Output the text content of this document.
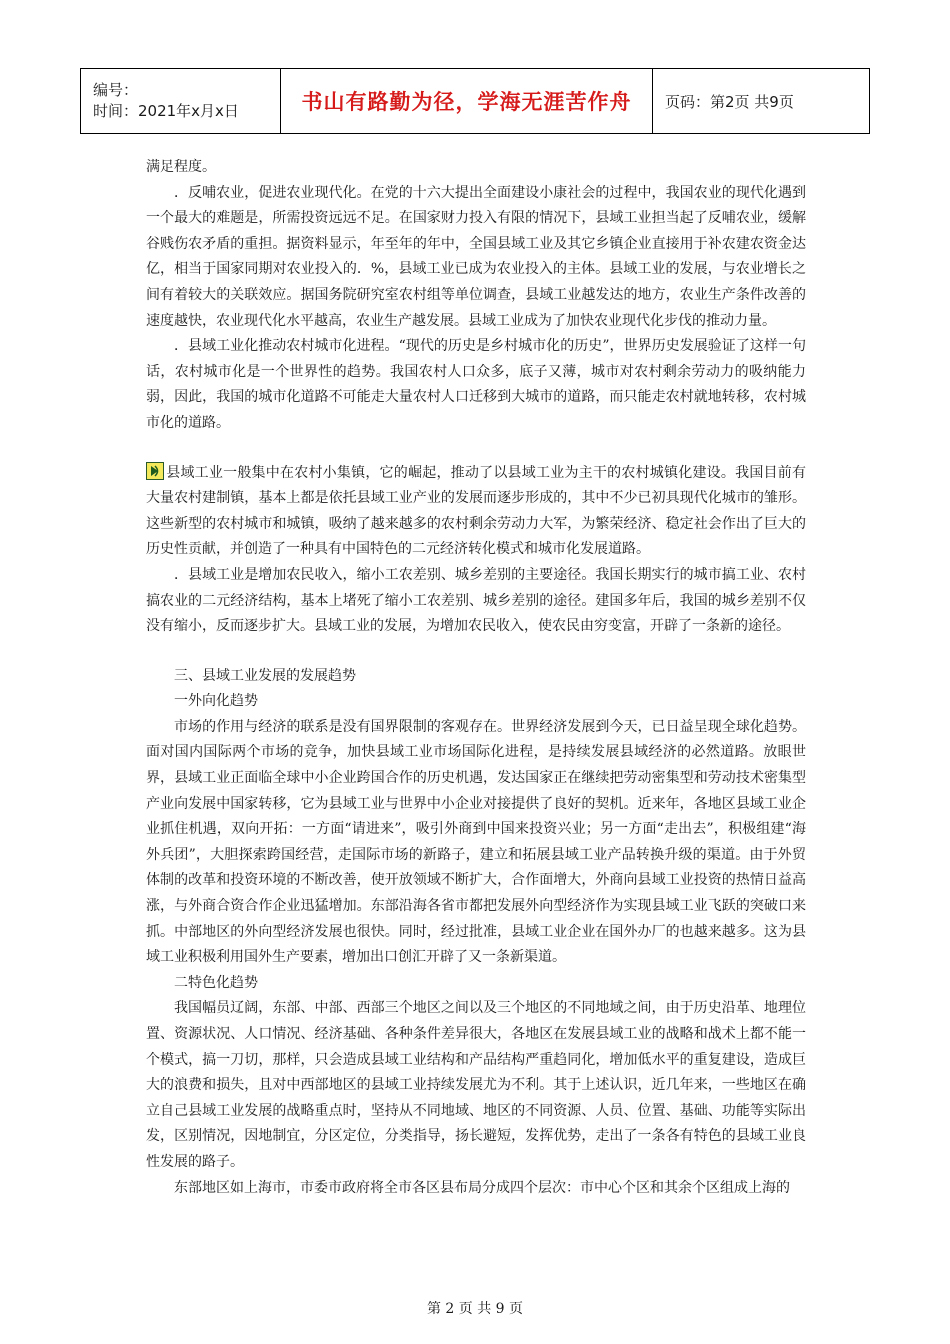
编号：
时间：2021年x月x日	书山有路勤为径，学海无涯苦作舟 页码：第2页 共9页

满足程度。

．反哺农业，促进农业现代化。在党的十六大提出全面建设小康社会的过程中，我国农业的现代化遇到一个最大的难题是，所需投资远远不足。在国家财力投入有限的情况下，县域工业担当起了反哺农业，缓解谷贱伤农矛盾的重担。据资料显示，年至年的年中，全国县域工业及其它乡镇企业直接用于补农建农资金达亿，相当于国家同期对农业投入的．%，县域工业已成为农业投入的主体。县域工业的发展，与农业增长之间有着较大的关联效应。据国务院研究室农村组等单位调查，县域工业越发达的地方，农业生产条件改善的速度越快，农业现代化水平越高，农业生产越发展。县域工业成为了加快农业现代化步伐的推动力量。

．县域工业化推动农村城市化进程。“现代的历史是乡村城市化的历史”，世界历史发展验证了这样一句话，农村城市化是一个世界性的趋势。我国农村人口众多，底子又薄，城市对农村剩余劳动力的吸纳能力弱，因此，我国的城市化道路不可能走大量农村人口迁移到大城市的道路，而只能走农村就地转移，农村城市化的道路。

县域工业一般集中在农村小集镇，它的崛起，推动了以县域工业为主干的农村城镇化建设。我国目前有大量农村建制镇，基本上都是依托县域工业产业的发展而逐步形成的，其中不少已初具现代化城市的雏形。这些新型的农村城市和城镇，吸纳了越来越多的农村剩余劳动力大军，为繁荣经济、稳定社会作出了巨大的历史性贡献，并创造了一种具有中国特色的二元经济转化模式和城市化发展道路。

．县域工业是增加农民收入，缩小工农差别、城乡差别的主要途径。我国长期实行的城市搞工业、农村搞农业的二元经济结构，基本上堵死了缩小工农差别、城乡差别的途径。建国多年后，我国的城乡差别不仅没有缩小，反而逐步扩大。县域工业的发展，为增加农民收入，使农民由穷变富，开辟了一条新的途径。

三、县域工业发展的发展趋势

一外向化趋势

市场的作用与经济的联系是没有国界限制的客观存在。世界经济发展到今天，已日益呈现全球化趋势。面对国内国际两个市场的竞争，加快县域工业市场国际化进程，是持续发展县域经济的必然道路。放眼世界，县域工业正面临全球中小企业跨国合作的历史机遇，发达国家正在继续把劳动密集型和劳动技术密集型产业向发展中国家转移，它为县域工业与世界中小企业对接提供了良好的契机。近来年，各地区县域工业企业抓住机遇，双向开拓：一方面“请进来”，吸引外商到中国来投资兴业；另一方面“走出去”，积极组建“海外兵团”，大胆探索跨国经营，走国际市场的新路子，建立和拓展县域工业产品转换升级的渠道。由于外贸体制的改革和投资环境的不断改善，使开放领域不断扩大，合作面增大，外商向县域工业投资的热情日益高涨，与外商合资合作企业迅猛增加。东部沿海各省市都把发展外向型经济作为实现县域工业飞跃的突破口来抓。中部地区的外向型经济发展也很快。同时，经过批准，县域工业企业在国外办厂的也越来越多。这为县域工业积极利用国外生产要素，增加出口创汇开辟了又一条新渠道。

二特色化趋势

我国幅员辽阔，东部、中部、西部三个地区之间以及三个地区的不同地域之间，由于历史沿革、地理位置、资源状况、人口情况、经济基础、各种条件差异很大，各地区在发展县域工业的战略和战术上都不能一个模式，搞一刀切，那样，只会造成县域工业结构和产品结构严重趋同化，增加低水平的重复建设，造成巨大的浪费和损失，且对中西部地区的县域工业持续发展尤为不利。其于上述认识，近几年来，一些地区在确立自己县域工业发展的战略重点时，坚持从不同地域、地区的不同资源、人员、位置、基础、功能等实际出发，区别情况，因地制宜，分区定位，分类指导，扬长避短，发挥优势，走出了一条各有特色的县域工业良性发展的路子。

东部地区如上海市，市委市政府将全市各区县布局分成四个层次：市中心个区和其余个区组成上海的

第 2 页 共 9 页
